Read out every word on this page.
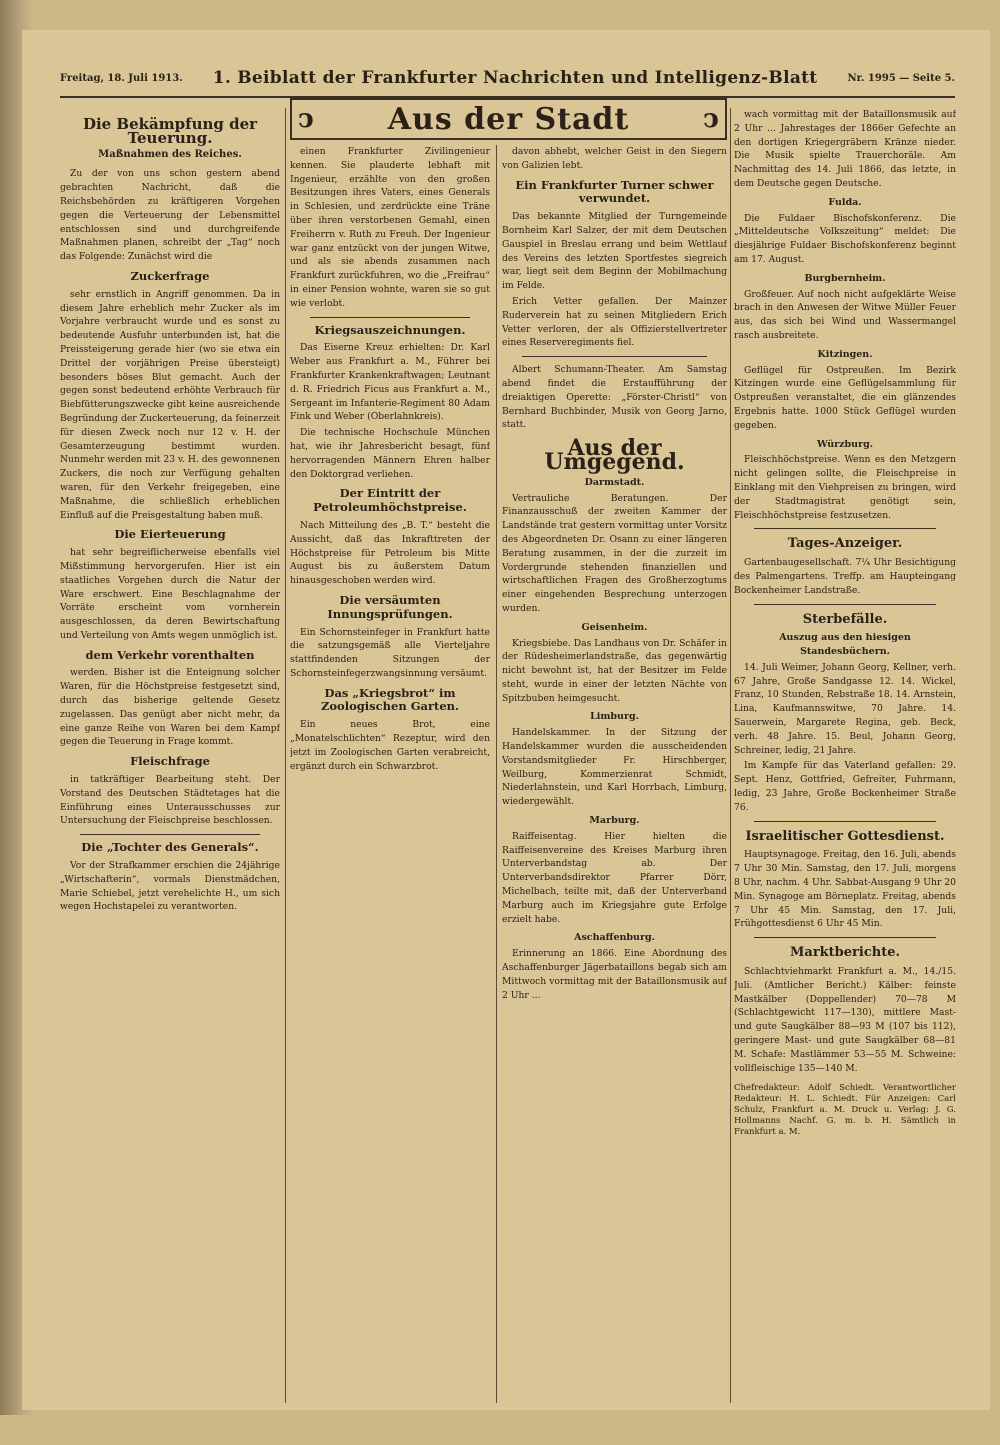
Freitag, 18. Juli 1913. 1. Beiblatt der Frankfurter Nachrichten und Intelligenz-Blatt	Nr. 1995 — Seite 5.
ↄ Aus der Stadt	ↄ
Die Bekämpfung der Teuerung.
Maßnahmen des Reiches.

Zu der von uns schon gestern abend gebrachten Nachricht, daß die Reichsbehörden zu kräftigeren Vorgehen gegen die Verteuerung der Lebensmittel entschlossen sind und durchgreifende Maßnahmen planen, schreibt der „Tag“ noch das Folgende: Zunächst wird die

Zuckerfrage

sehr ernstlich in Angriff genommen. Da in diesem Jahre erheblich mehr Zucker als im Vorjahre verbraucht wurde und es sonst zu bedeutende Ausfuhr unterbunden ist, hat die Preissteigerung gerade hier (wo sie etwa ein Drittel der vorjährigen Preise übersteigt) besonders böses Blut gemacht. Auch der gegen sonst bedeutend erhöhte Verbrauch für Biebfütterungszwecke gibt keine ausreichende Begründung der Zuckerteuerung, da feinerzeit für diesen Zweck noch nur 12 v. H. der Gesamterzeugung bestimmt wurden. Nunmehr werden mit 23 v. H. des gewonnenen Zuckers, die noch zur Verfügung gehalten waren, für den Verkehr freigegeben, eine Maßnahme, die schließlich erheblichen Einfluß auf die Preisgestaltung haben muß.

Die Eierteuerung

hat sehr begreiflicherweise ebenfalls viel Mißstimmung hervorgerufen. Hier ist ein staatliches Vorgehen durch die Natur der Ware erschwert. Eine Beschlagnahme der Vorräte erscheint vom vornherein ausgeschlossen, da deren Bewirtschaftung und Verteilung von Amts wegen unmöglich ist.

dem Verkehr vorenthalten

werden. Bisher ist die Enteignung solcher Waren, für die Höchstpreise festgesetzt sind, durch das bisherige geltende Gesetz zugelassen. Das genügt aber nicht mehr, da eine ganze Reihe von Waren bei dem Kampf gegen die Teuerung in Frage kommt.

Fleischfrage

in tatkräftiger Bearbeitung steht. Der Vorstand des Deutschen Städtetages hat die Einführung eines Unterausschusses zur Untersuchung der Fleischpreise beschlossen.

Die „Tochter des Generals“.

Vor der Strafkammer erschien die 24jährige „Wirtschafterin“, vormals Dienstmädchen, Marie Schiebel, jetzt verehelichte H., um sich wegen Hochstapelei zu verantworten.

einen Frankfurter Zivilingenieur kennen. Sie plauderte lebhaft mit Ingenieur, erzählte von den großen Besitzungen ihres Vaters, eines Generals in Schlesien, und zerdrückte eine Träne über ihren verstorbenen Gemahl, einen Freiherrn v. Ruth zu Freuh. Der Ingenieur war ganz entzückt von der jungen Witwe, und als sie abends zusammen nach Frankfurt zurückfuhren, wo die „Freifrau“ in einer Pension wohnte, waren sie so gut wie verlobt.

Kriegsauszeichnungen.

Das Eiserne Kreuz erhielten: Dr. Karl Weber aus Frankfurt a. M., Führer bei Frankfurter Krankenkraftwagen; Leutnant d. R. Friedrich Ficus aus Frankfurt a. M., Sergeant im Infanterie-Regiment 80 Adam Fink und Weber (Oberlahnkreis).

Die technische Hochschule München hat, wie ihr Jahresbericht besagt, fünf hervorragenden Männern Ehren halber den Doktorgrad verliehen.

Der Eintritt der Petroleumhöchstpreise.

Nach Mitteilung des „B. T.“ besteht die Aussicht, daß das Inkrafttreten der Höchstpreise für Petroleum bis Mitte August bis zu äußerstem Datum hinausgeschoben werden wird.

Die versäumten Innungsprüfungen.

Ein Schornsteinfeger in Frankfurt hatte die satzungsgemäß alle Vierteljahre stattfindenden Sitzungen der Schornsteinfegerzwangsinnung versäumt.

Das „Kriegsbrot“ im Zoologischen Garten.

Ein neues Brot, eine „Monatelschlichten“ Rezeptur, wird den jetzt im Zoologischen Garten verabreicht, ergänzt durch ein Schwarzbrot.

davon abhebt, welcher Geist in den Siegern von Galizien lebt.

Ein Frankfurter Turner schwer verwundet.

Das bekannte Mitglied der Turngemeinde Bornheim Karl Salzer, der mit dem Deutschen Gauspiel in Breslau errang und beim Wettlauf des Vereins des letzten Sportfestes siegreich war, liegt seit dem Beginn der Mobilmachung im Felde.

Erich Vetter gefallen. Der Mainzer Ruderverein hat zu seinen Mitgliedern Erich Vetter verloren, der als Offizierstellvertreter eines Reserveregiments fiel.

Albert Schumann-Theater. Am Samstag abend findet die Erstaufführung der dreiaktigen Operette: „Förster-Christl“ von Bernhard Buchbinder, Musik von Georg Jarno, statt.

Aus der Umgegend.
Darmstadt.

Vertrauliche Beratungen. Der Finanzausschuß der zweiten Kammer der Landstände trat gestern vormittag unter Vorsitz des Abgeordneten Dr. Osann zu einer längeren Beratung zusammen, in der die zurzeit im Vordergrunde stehenden finanziellen und wirtschaftlichen Fragen des Großherzogtums einer eingehenden Besprechung unterzogen wurden.

Geisenheim.

Kriegsbiebe. Das Landhaus von Dr. Schäfer in der Rüdesheimerlandstraße, das gegenwärtig nicht bewohnt ist, hat der Besitzer im Felde steht, wurde in einer der letzten Nächte von Spitzbuben heimgesucht.

Limburg.

Handelskammer. In der Sitzung der Handelskammer wurden die ausscheidenden Vorstandsmitglieder Fr. Hirschberger, Weilburg, Kommerzienrat Schmidt, Niederlahnstein, und Karl Horrbach, Limburg, wiedergewählt.

Marburg.

Raiffeisentag. Hier hielten die Raiffeisenvereine des Kreises Marburg ihren Unterverbandstag ab. Der Unterverbandsdirektor Pfarrer Dörr, Michelbach, teilte mit, daß der Unterverband Marburg auch im Kriegsjahre gute Erfolge erzielt habe.

Aschaffenburg.

Erinnerung an 1866. Eine Abordnung des Aschaffenburger Jägerbataillons begab sich am Mittwoch vormittag mit der Bataillonsmusik auf 2 Uhr ...

wach vormittag mit der Bataillonsmusik auf 2 Uhr ... Jahrestages der 1866er Gefechte an den dortigen Kriegergräbern Kränze nieder. Die Musik spielte Trauerchoräle. Am Nachmittag des 14. Juli 1866, das letzte, in dem Deutsche gegen Deutsche.

Fulda.

Die Fuldaer Bischofskonferenz. Die „Mitteldeutsche Volkszeitung“ meldet: Die diesjährige Fuldaer Bischofskonferenz beginnt am 17. August.

Burgbernheim.

Großfeuer. Auf noch nicht aufgeklärte Weise brach in den Anwesen der Witwe Müller Feuer aus, das sich bei Wind und Wassermangel rasch ausbreitete.

Kitzingen.

Geflügel für Ostpreußen. Im Bezirk Kitzingen wurde eine Geflügelsammlung für Ostpreußen veranstaltet, die ein glänzendes Ergebnis hatte. 1000 Stück Geflügel wurden gegeben.

Würzburg.

Fleischhöchstpreise. Wenn es den Metzgern nicht gelingen sollte, die Fleischpreise in Einklang mit den Viehpreisen zu bringen, wird der Stadtmagistrat genötigt sein, Fleischhöchstpreise festzusetzen.

Tages-Anzeiger.

Gartenbaugesellschaft. 7¼ Uhr Besichtigung des Palmengartens. Treffp. am Haupteingang Bockenheimer Landstraße.

Sterbefälle.
Auszug aus den hiesigen Standesbüchern.

14. Juli Weimer, Johann Georg, Kellner, verh. 67 Jahre, Große Sandgasse 12. 14. Wickel, Franz, 10 Stunden, Rebstraße 18. 14. Arnstein, Lina, Kaufmannswitwe, 70 Jahre. 14. Sauerwein, Margarete Regina, geb. Beck, verh. 48 Jahre. 15. Beul, Johann Georg, Schreiner, ledig, 21 Jahre.

Im Kampfe für das Vaterland gefallen: 29. Sept. Henz, Gottfried, Gefreiter, Fuhrmann, ledig, 23 Jahre, Große Bockenheimer Straße 76.

Israelitischer Gottesdienst.

Hauptsynagoge. Freitag, den 16. Juli, abends 7 Uhr 30 Min. Samstag, den 17. Juli, morgens 8 Uhr, nachm. 4 Uhr. Sabbat-Ausgang 9 Uhr 20 Min. Synagoge am Börneplatz. Freitag, abends 7 Uhr 45 Min. Samstag, den 17. Juli, Frühgottesdienst 6 Uhr 45 Min.

Marktberichte.

Schlachtviehmarkt Frankfurt a. M., 14./15. Juli. (Amtlicher Bericht.) Kälber: feinste Mastkälber (Doppellender) 70—78 M (Schlachtgewicht 117—130), mittlere Mast- und gute Saugkälber 88—93 M (107 bis 112), geringere Mast- und gute Saugkälber 68—81 M. Schafe: Mastlämmer 53—55 M. Schweine: vollfleischige 135—140 M.

Chefredakteur: Adolf Schiedt. Verantwortlicher Redakteur: H. L. Schiedt. Für Anzeigen: Carl Schulz, Frankfurt a. M. Druck u. Verlag: J. G. Hollmanns Nachf. G. m. b. H. Sämtlich in Frankfurt a. M.
